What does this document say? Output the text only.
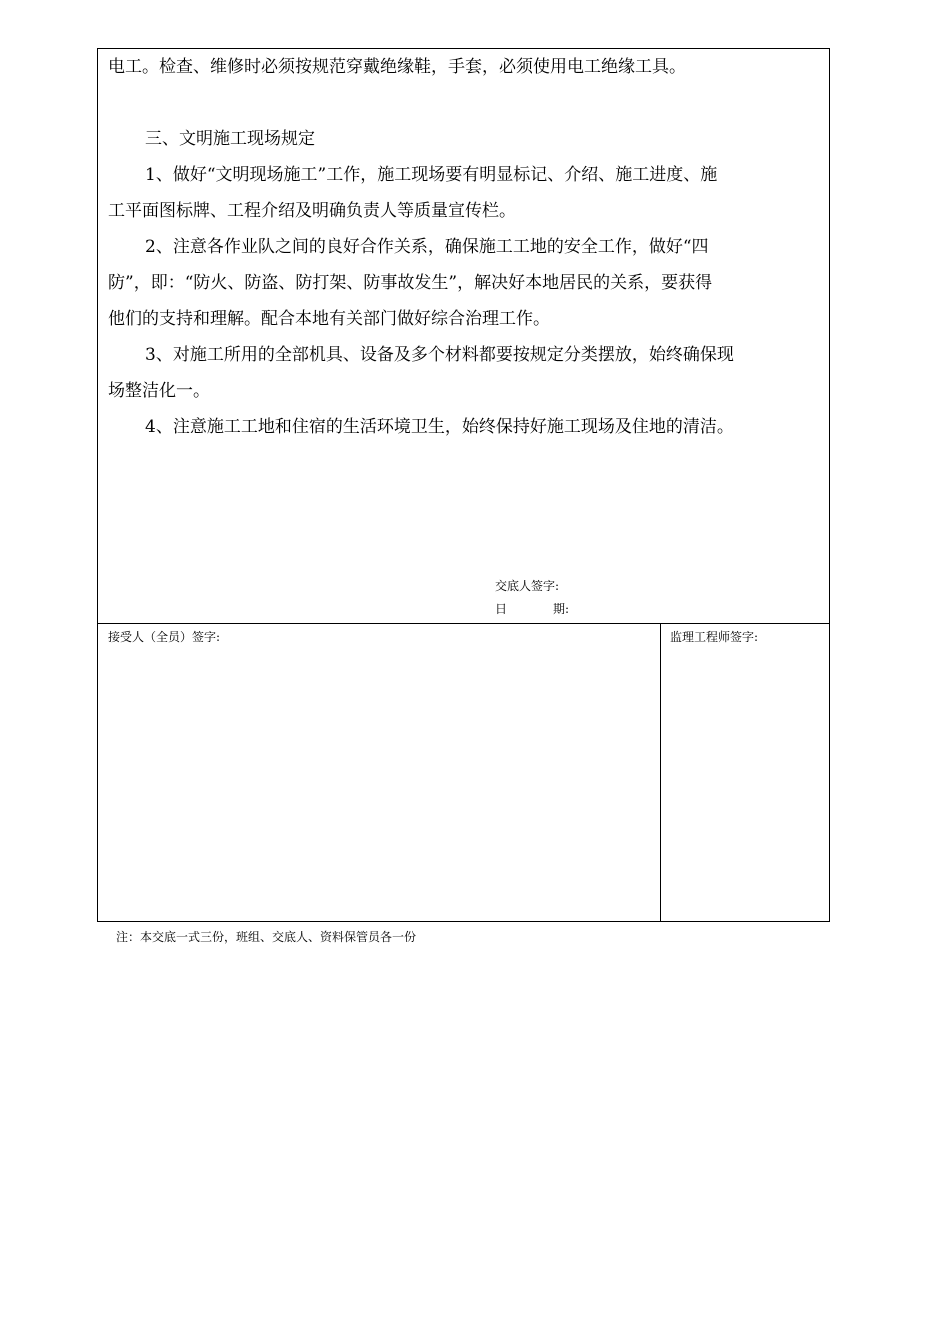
电工。检查、维修时必须按规范穿戴绝缘鞋，手套，必须使用电工绝缘工具。

三、文明施工现场规定

1、做好“文明现场施工”工作，施工现场要有明显标记、介绍、施工进度、施

工平面图标牌、工程介绍及明确负责人等质量宣传栏。

2、注意各作业队之间的良好合作关系，确保施工工地的安全工作，做好“四

防”，即：“防火、防盗、防打架、防事故发生”，解决好本地居民的关系，要获得

他们的支持和理解。配合本地有关部门做好综合治理工作。

3、对施工所用的全部机具、设备及多个材料都要按规定分类摆放，始终确保现

场整洁化一。

4、注意施工工地和住宿的生活环境卫生，始终保持好施工现场及住地的清洁。

交底人签字:
日	期:
接受人（全员）签字:	监理工程师签字:
注：本交底一式三份，班组、交底人、资料保管员各一份
